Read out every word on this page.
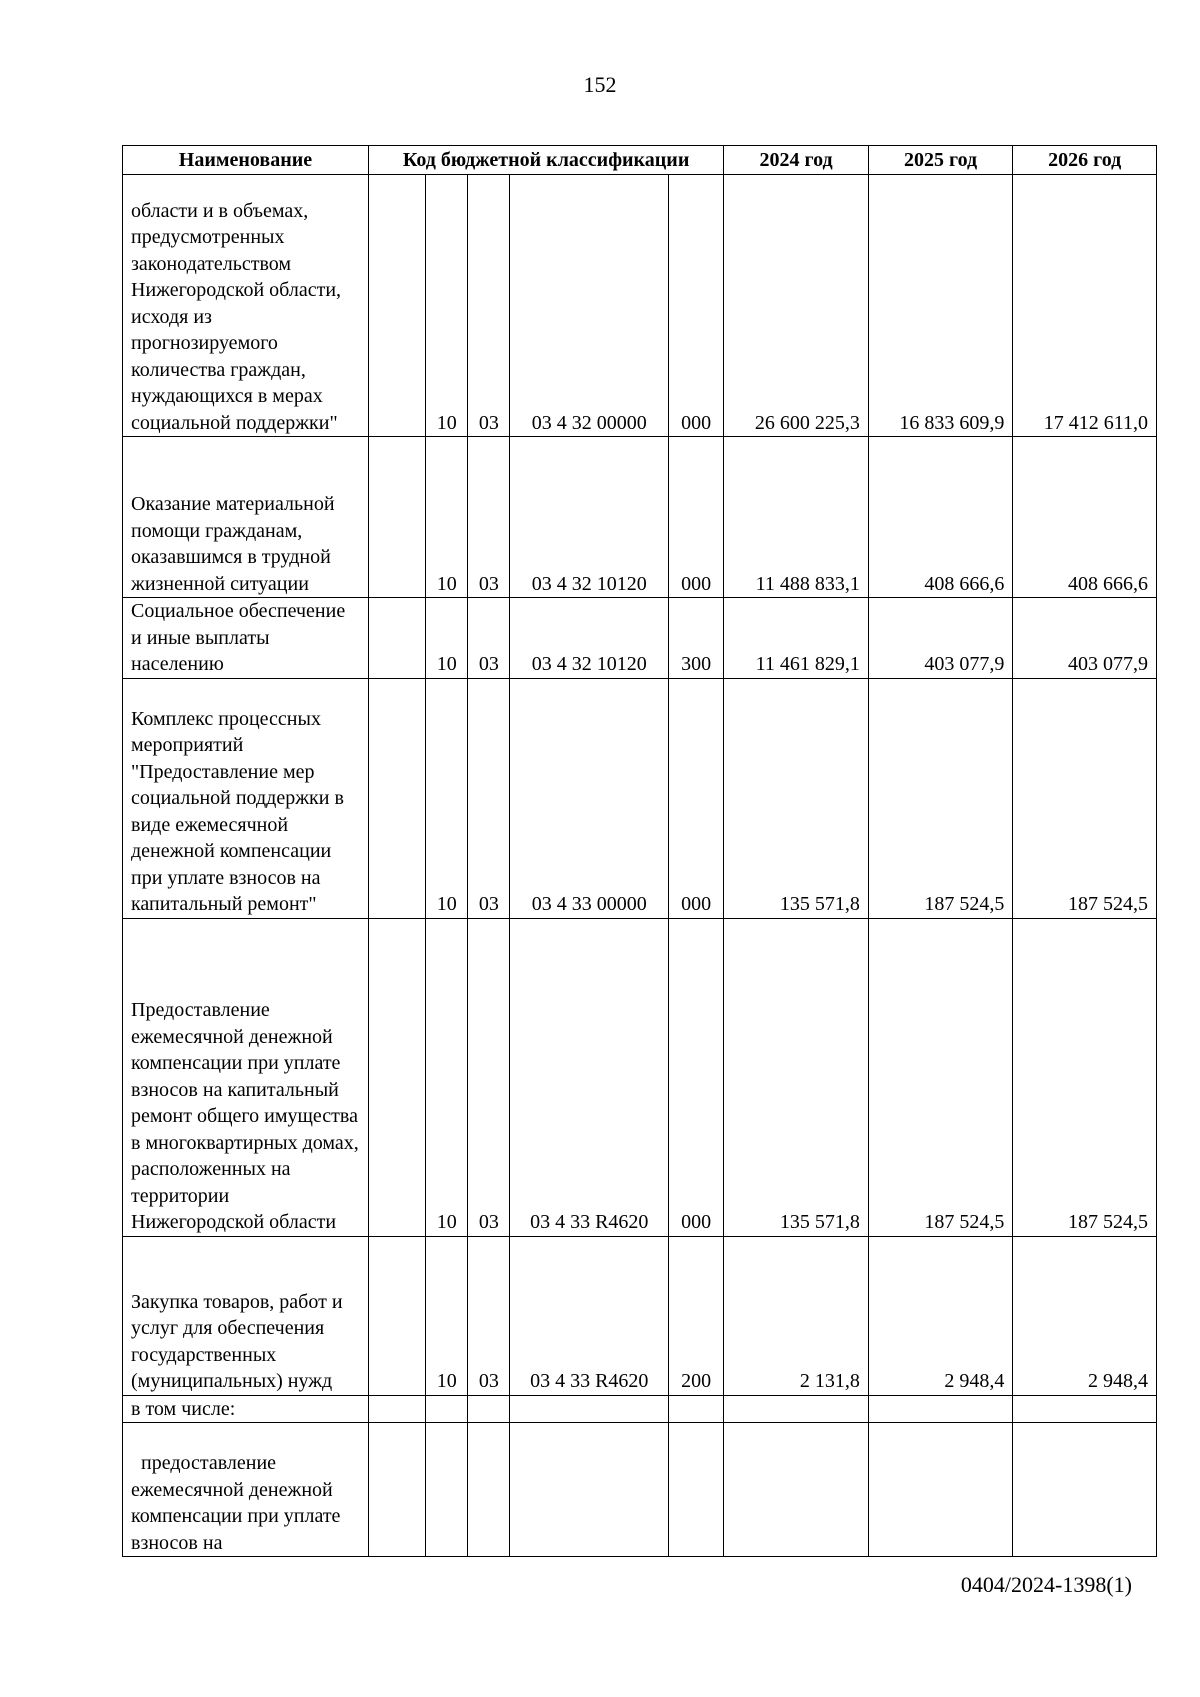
152
Наименование	Код бюджетной классификации					2024 год	2025 год	2026 год
области и в объемах, предусмотренных законодательством Нижегородской области, исходя из прогнозируемого количества граждан, нуждающихся в мерах социальной поддержки"		10	03	03 4 32 00000	000	26 600 225,3	16 833 609,9	17 412 611,0
Оказание материальной помощи гражданам, оказавшимся в трудной жизненной ситуации		10	03	03 4 32 10120	000	11 488 833,1	408 666,6	408 666,6
Социальное обеспечение и иные выплаты населению		10	03	03 4 32 10120	300	11 461 829,1	403 077,9	403 077,9
Комплекс процессных мероприятий "Предоставление мер социальной поддержки в виде ежемесячной денежной компенсации при уплате взносов на капитальный ремонт"		10	03	03 4 33 00000	000	135 571,8	187 524,5	187 524,5
Предоставление ежемесячной денежной компенсации при уплате взносов на капитальный ремонт общего имущества в многоквартирных домах, расположенных на территории Нижегородской области		10	03	03 4 33 R4620	000	135 571,8	187 524,5	187 524,5
Закупка товаров, работ и услуг для обеспечения государственных (муниципальных) нужд		10	03	03 4 33 R4620	200	2 131,8	2 948,4	2 948,4
в том числе:								
предоставление ежемесячной денежной компенсации при уплате взносов на								
0404/2024-1398(1)
